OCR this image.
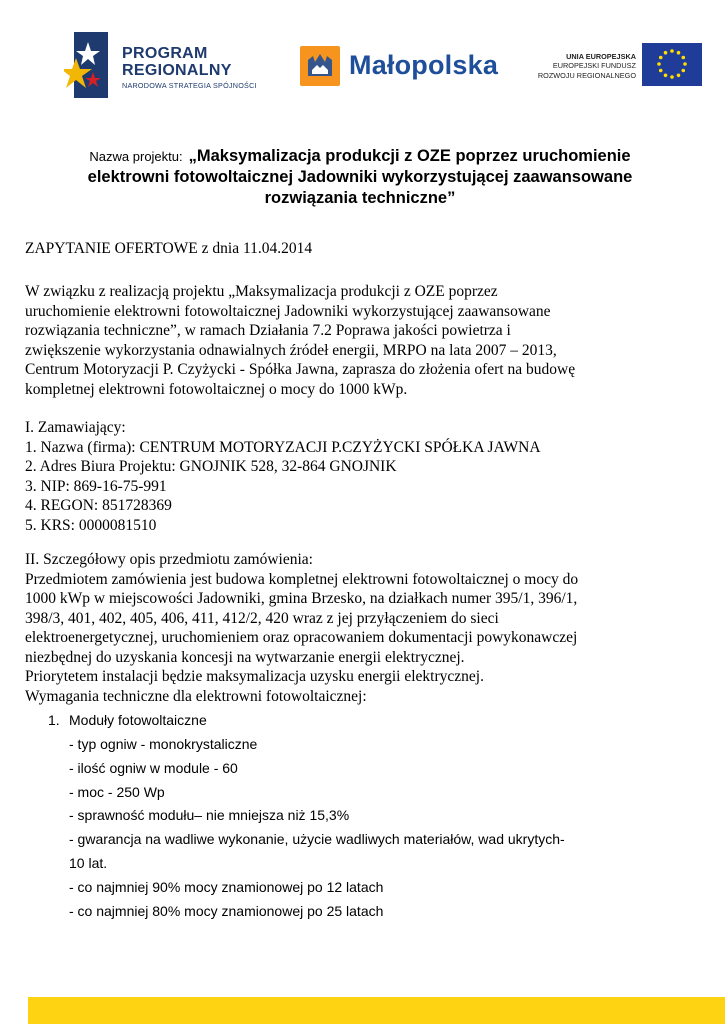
PROGRAM
REGIONALNY
NARODOWA STRATEGIA SPÓJNOŚCI
Małopolska	UNIA EUROPEJSKA
EUROPEJSKI FUNDUSZ
ROZWOJU REGIONALNEGO
Nazwa projektu: „Maksymalizacja produkcji z OZE poprzez uruchomienie
elektrowni fotowoltaicznej Jadowniki wykorzystującej zaawansowane
rozwiązania techniczne”
ZAPYTANIE OFERTOWE z dnia 11.04.2014
W związku z realizacją projektu „Maksymalizacja produkcji z OZE poprzez
uruchomienie elektrowni fotowoltaicznej Jadowniki wykorzystującej zaawansowane
rozwiązania techniczne”, w ramach Działania 7.2 Poprawa jakości powietrza i
zwiększenie wykorzystania odnawialnych źródeł energii, MRPO na lata 2007 – 2013,
Centrum Motoryzacji P. Czyżycki - Spółka Jawna, zaprasza do złożenia ofert na budowę
kompletnej elektrowni fotowoltaicznej o mocy do 1000 kWp.
I. Zamawiający:
1. Nazwa (firma): CENTRUM MOTORYZACJI P.CZYŻYCKI SPÓŁKA JAWNA
2. Adres Biura Projektu: GNOJNIK 528, 32-864 GNOJNIK
3. NIP: 869-16-75-991
4. REGON: 851728369
5. KRS: 0000081510
II. Szczegółowy opis przedmiotu zamówienia:
Przedmiotem zamówienia jest budowa kompletnej elektrowni fotowoltaicznej o mocy do
1000 kWp w miejscowości Jadowniki, gmina Brzesko, na działkach numer 395/1, 396/1,
398/3, 401, 402, 405, 406, 411, 412/2, 420 wraz z jej przyłączeniem do sieci
elektroenergetycznej, uruchomieniem oraz opracowaniem dokumentacji powykonawczej
niezbędnej do uzyskania koncesji na wytwarzanie energii elektrycznej.
Priorytetem instalacji będzie maksymalizacja uzysku energii elektrycznej.
Wymagania techniczne dla elektrowni fotowoltaicznej:
1. Moduły fotowoltaiczne
- typ ogniw - monokrystaliczne
- ilość ogniw w module - 60
- moc - 250 Wp
- sprawność modułu– nie mniejsza niż 15,3%
- gwarancja na wadliwe wykonanie, użycie wadliwych materiałów, wad ukrytych-
10 lat.
- co najmniej 90% mocy znamionowej po 12 latach
- co najmniej 80% mocy znamionowej po 25 latach
